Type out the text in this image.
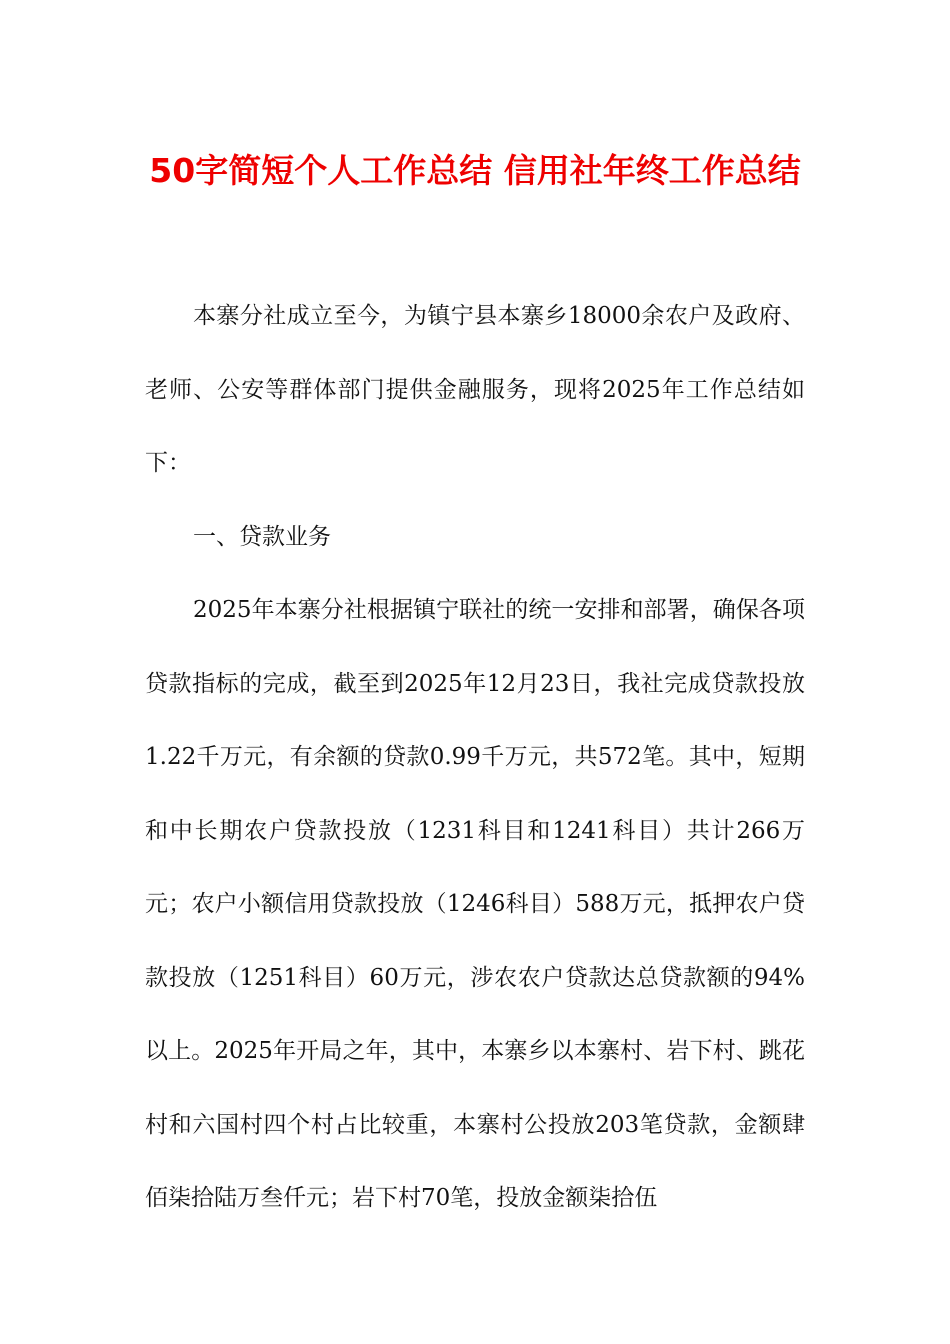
50字简短个人工作总结 信用社年终工作总结

本寨分社成立至今，为镇宁县本寨乡18000余农户及政府、老师、公安等群体部门提供金融服务，现将2025年工作总结如下：

一、贷款业务

2025年本寨分社根据镇宁联社的统一安排和部署，确保各项贷款指标的完成，截至到2025年12月23日，我社完成贷款投放1.22千万元，有余额的贷款0.99千万元，共572笔。其中，短期和中长期农户贷款投放（1231科目和1241科目）共计266万元；农户小额信用贷款投放（1246科目）588万元，抵押农户贷款投放（1251科目）60万元，涉农农户贷款达总贷款额的94%以上。2025年开局之年，其中，本寨乡以本寨村、岩下村、跳花村和六国村四个村占比较重，本寨村公投放203笔贷款，金额肆佰柒拾陆万叁仟元；岩下村70笔，投放金额柒拾伍
